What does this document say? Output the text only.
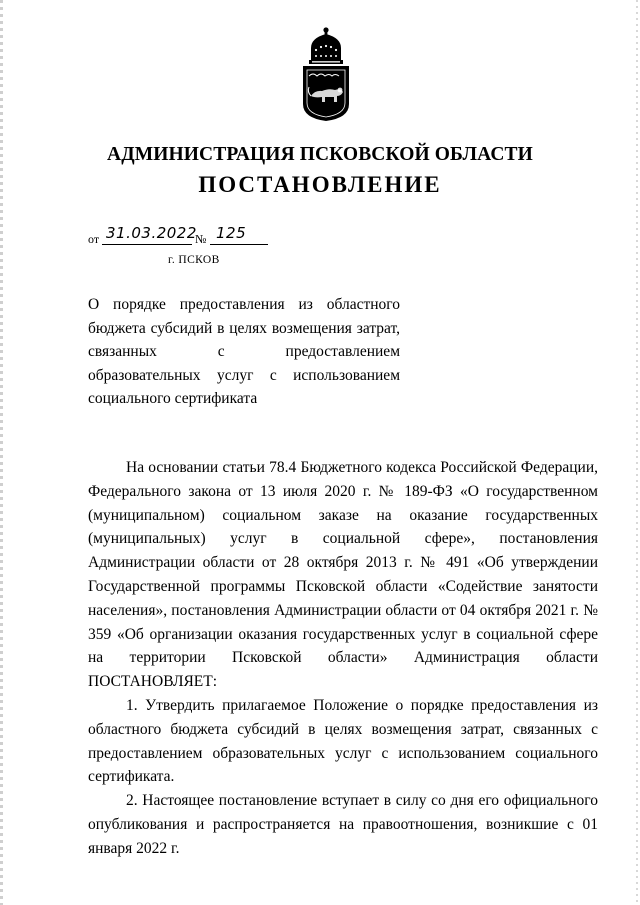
АДМИНИСТРАЦИЯ ПСКОВСКОЙ ОБЛАСТИ
ПОСТАНОВЛЕНИЕ
от 31.03.2022
№ 125
г. ПСКОВ
О порядке предоставления из областного бюджета субсидий в целях возмещения затрат, связанных с предоставлением образовательных услуг с использованием социального сертификата

На основании статьи 78.4 Бюджетного кодекса Российской Федерации, Федерального закона от 13 июля 2020 г. № 189-ФЗ «О государственном (муниципальном) социальном заказе на оказание государственных (муниципальных) услуг в социальной сфере», постановления Администрации области от 28 октября 2013 г. № 491 «Об утверждении Государственной программы Псковской области «Содействие занятости населения», постановления Администрации области от 04 октября 2021 г. № 359 «Об организации оказания государственных услуг в социальной сфере на территории Псковской области» Администрация области ПОСТАНОВЛЯЕТ:

1. Утвердить прилагаемое Положение о порядке предоставления из областного бюджета субсидий в целях возмещения затрат, связанных с предоставлением образовательных услуг с использованием социального сертификата.

2. Настоящее постановление вступает в силу со дня его официального опубликования и распространяется на правоотношения, возникшие с 01 января 2022 г.
